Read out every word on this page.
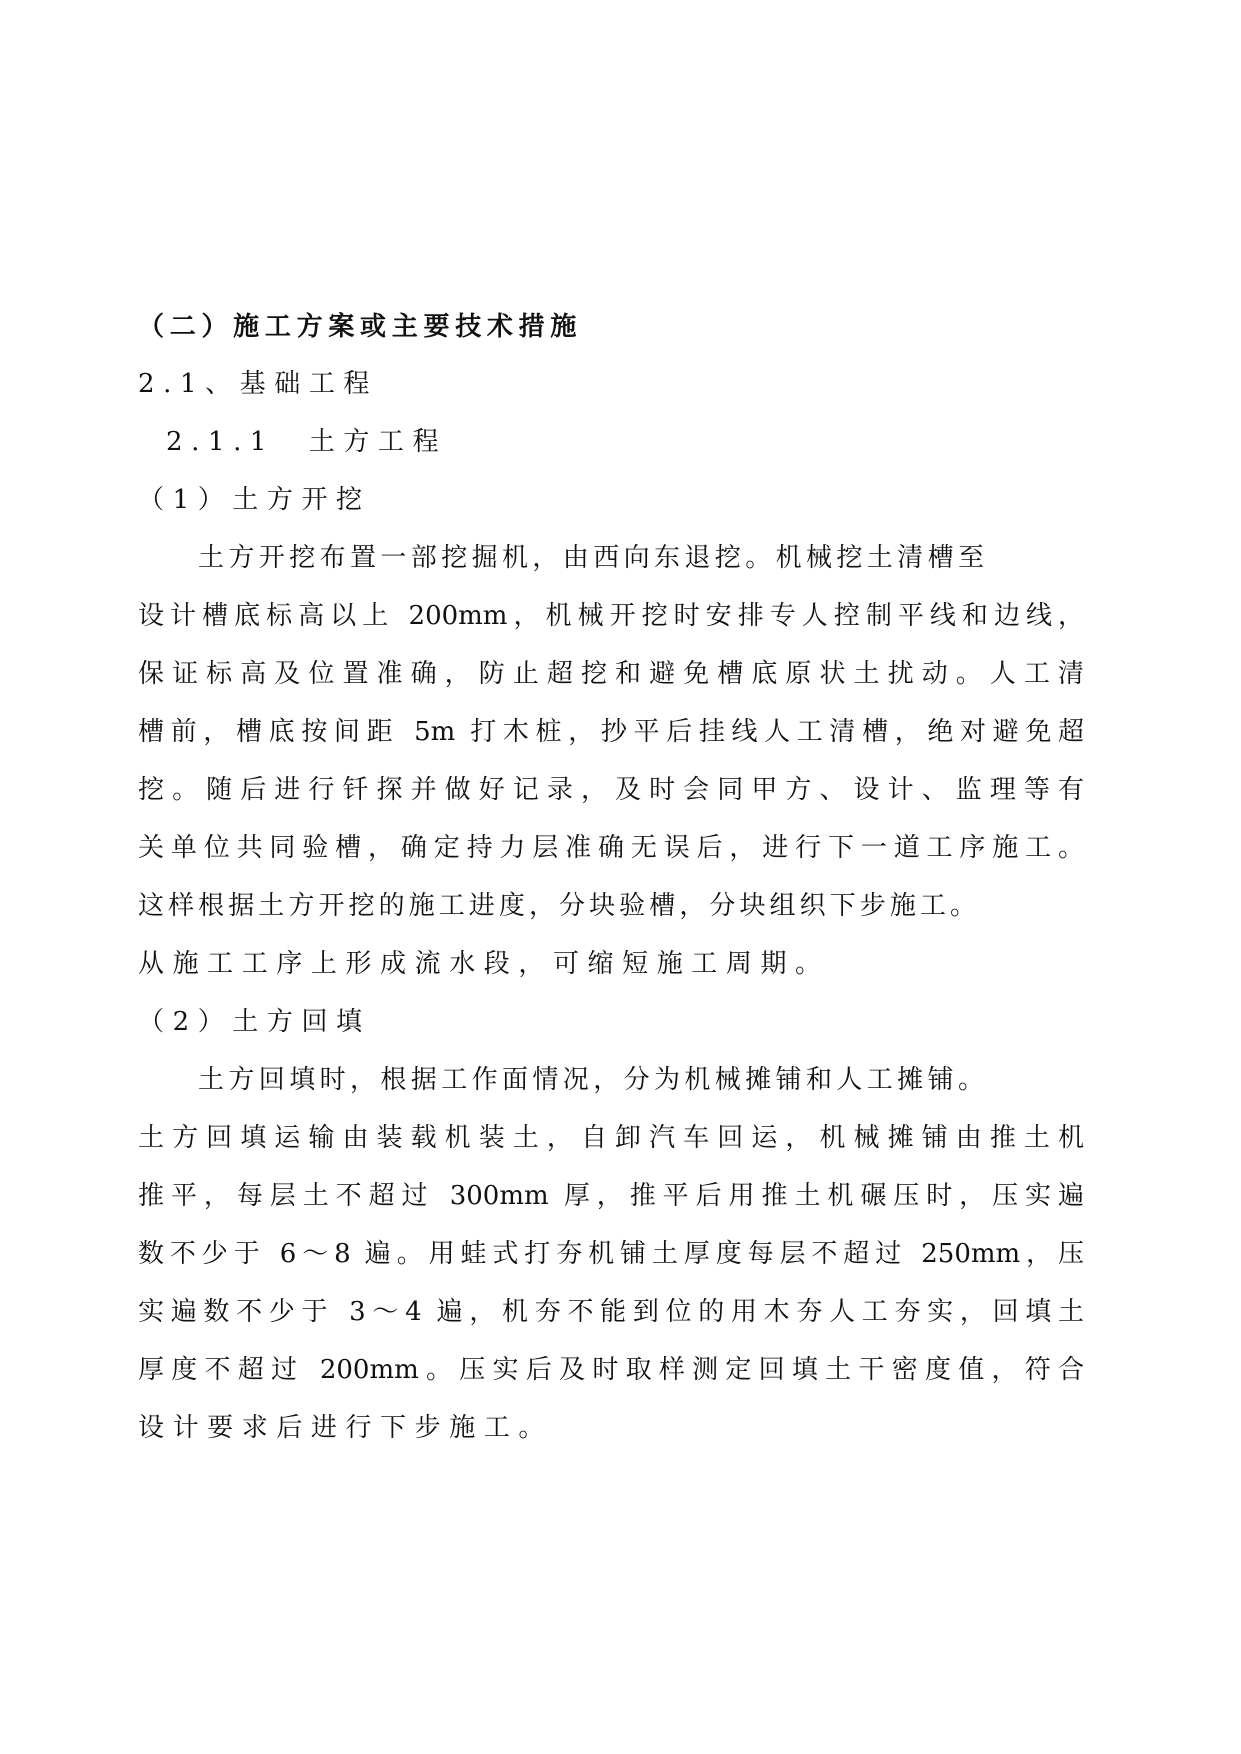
（二）施工方案或主要技术措施
2.1、基础工程
2.1.1  土方工程
（1）土方开挖
土方开挖布置一部挖掘机，由西向东退挖。机械挖土清槽至
设计槽底标高以上 200mm，机械开挖时安排专人控制平线和边线，
保证标高及位置准确，防止超挖和避免槽底原状土扰动。人工清
槽前，槽底按间距 5m 打木桩，抄平后挂线人工清槽，绝对避免超
挖。随后进行钎探并做好记录，及时会同甲方、设计、监理等有
关单位共同验槽，确定持力层准确无误后，进行下一道工序施工。
这样根据土方开挖的施工进度，分块验槽，分块组织下步施工。
从施工工序上形成流水段，可缩短施工周期。
（2）土方回填
土方回填时，根据工作面情况，分为机械摊铺和人工摊铺。
土方回填运输由装载机装土，自卸汽车回运，机械摊铺由推土机
推平，每层土不超过 300mm 厚，推平后用推土机碾压时，压实遍
数不少于 6～8 遍。用蛙式打夯机铺土厚度每层不超过 250mm，压
实遍数不少于 3～4 遍，机夯不能到位的用木夯人工夯实，回填土
厚度不超过 200mm。压实后及时取样测定回填土干密度值，符合
设计要求后进行下步施工。
